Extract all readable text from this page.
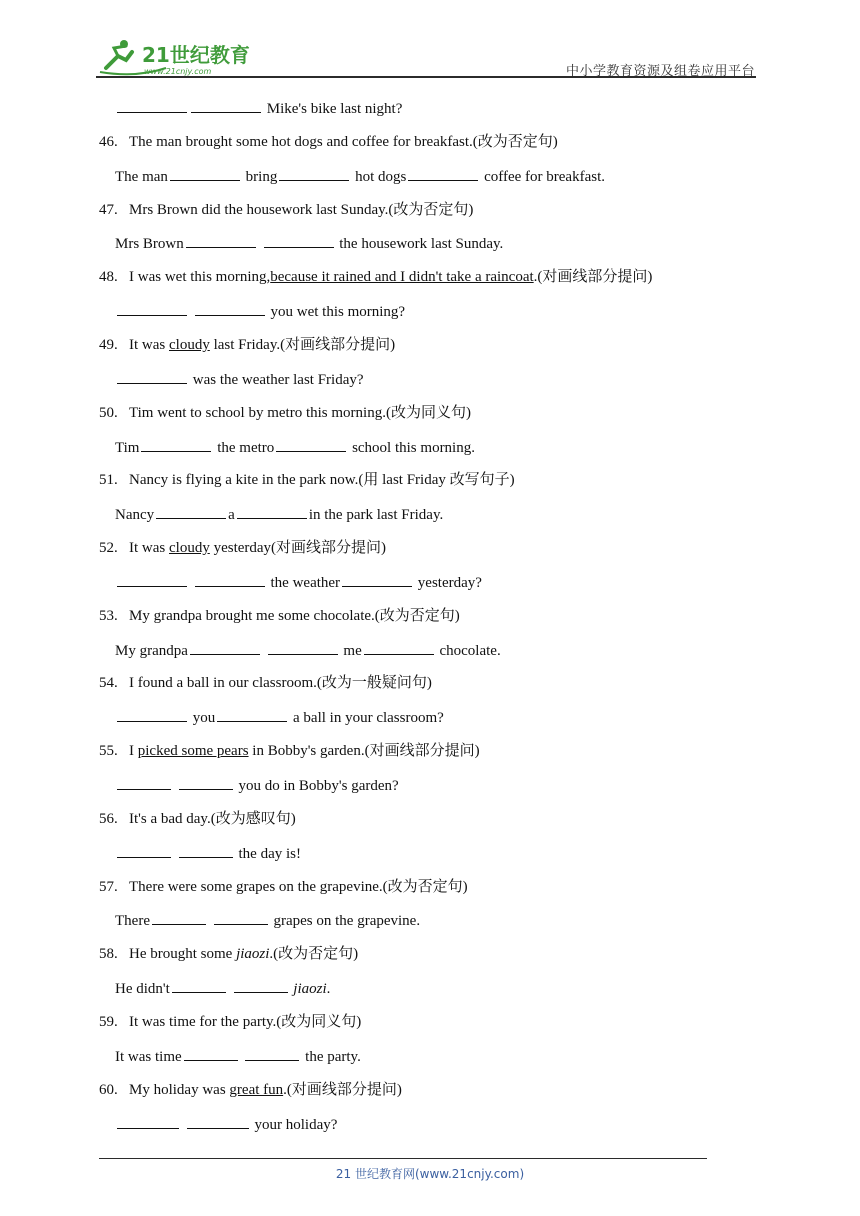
21世纪教育
www.21cnjy.com	中小学教育资源及组卷应用平台
Mike's bike last night?
46. The man brought some hot dogs and coffee for breakfast.(改为否定句)
The man	bring	hot dogs	coffee for breakfast.
47. Mrs Brown did the housework last Sunday.(改为否定句)
Mrs Brown	the housework last Sunday.
48. I was wet this morning,because it rained and I didn't take a raincoat.(对画线部分提问)
you wet this morning?
49. It was cloudy last Friday.(对画线部分提问)
was the weather last Friday?
50. Tim went to school by metro this morning.(改为同义句)
Tim	the metro	school this morning.
51. Nancy is flying a kite in the park now.(用 last Friday 改写句子)
Nancy	a	in the park last Friday.
52. It was cloudy yesterday(对画线部分提问)
the weather	yesterday?
53. My grandpa brought me some chocolate.(改为否定句)
My grandpa	me	chocolate.
54. I found a ball in our classroom.(改为一般疑问句)
you	a ball in your classroom?
55. I picked some pears in Bobby's garden.(对画线部分提问)
you do in Bobby's garden?
56. It's a bad day.(改为感叹句)
the day is!
57. There were some grapes on the grapevine.(改为否定句)
There	grapes on the grapevine.
58. He brought some jiaozi.(改为否定句)
He didn't	jiaozi.
59. It was time for the party.(改为同义句)
It was time	the party.
60. My holiday was great fun.(对画线部分提问)
your holiday?
21 世纪教育网(www.21cnjy.com)
